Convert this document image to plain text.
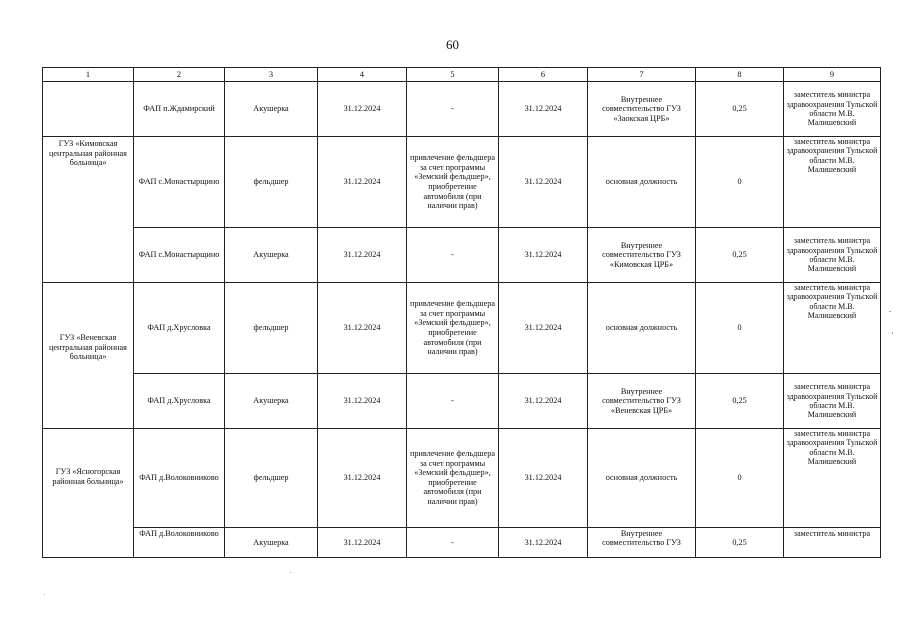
60
1	2	3	4	5	6	7	8	9
	ФАП п.Ждамирский	Акушерка	31.12.2024	-	31.12.2024	Внутреннее совместительство ГУЗ «Заокская ЦРБ»	0,25	заместитель министра здравоохранения Тульской области М.В. Малишевский
ГУЗ «Кимовская центральная районная больница»	ФАП с.Монастырщино	фельдшер	31.12.2024	привлечение фельдшера за счет программы «Земский фельдшер», приобретение автомобиля (при наличии прав)	31.12.2024	основная должность	0	заместитель министра здравоохранения Тульской области М.В. Малишевский
	ФАП с.Монастырщино	Акушерка	31.12.2024	-	31.12.2024	Внутреннее совместительство ГУЗ «Кимовская ЦРБ»	0,25	заместитель министра здравоохранения Тульской области М.В. Малишевский
ГУЗ «Веневская центральная районная больница»	ФАП д.Хрусловка	фельдшер	31.12.2024	привлечение фельдшера за счет программы «Земский фельдшер», приобретение автомобиля (при наличии прав)	31.12.2024	основная должность	0	заместитель министра здравоохранения Тульской области М.В. Малишевский
	ФАП д.Хрусловка	Акушерка	31.12.2024	-	31.12.2024	Внутреннее совместительство ГУЗ «Веневская ЦРБ»	0,25	заместитель министра здравоохранения Тульской области М.В. Малишевский
ГУЗ «Ясногорская районная больница»	ФАП д.Волоковниково	фельдшер	31.12.2024	привлечение фельдшера за счет программы «Земский фельдшер», приобретение автомобиля (при наличии прав)	31.12.2024	основная должность	0	заместитель министра здравоохранения Тульской области М.В. Малишевский
	ФАП д.Волоковниково	Акушерка	31.12.2024	-	31.12.2024	Внутреннее совместительство ГУЗ	0,25	заместитель министра
